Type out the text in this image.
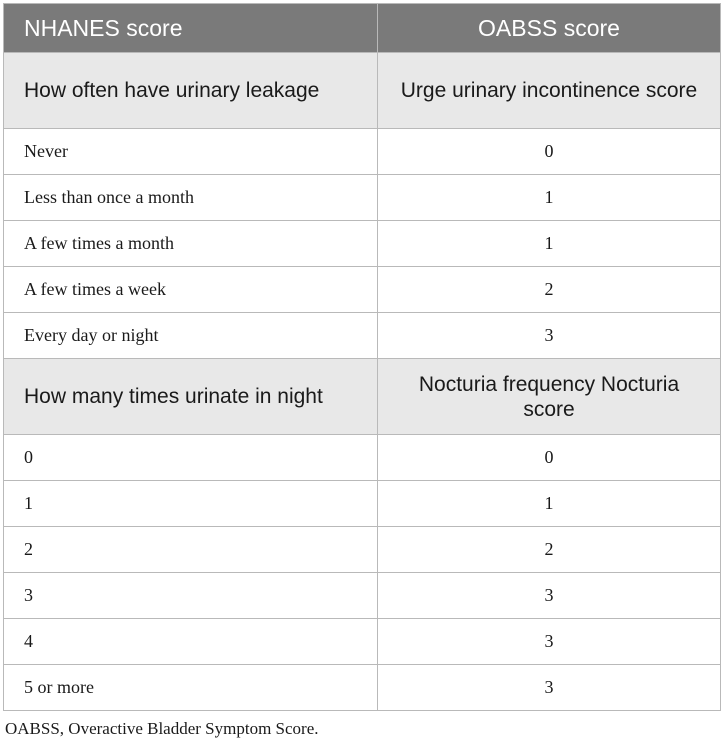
NHANES score	OABSS score
How often have urinary leakage	Urge urinary incontinence score
Never	0
Less than once a month	1
A few times a month	1
A few times a week	2
Every day or night	3
How many times urinate in night	Nocturia frequency Nocturia score
0	0
1	1
2	2
3	3
4	3
5 or more	3
OABSS, Overactive Bladder Symptom Score.
